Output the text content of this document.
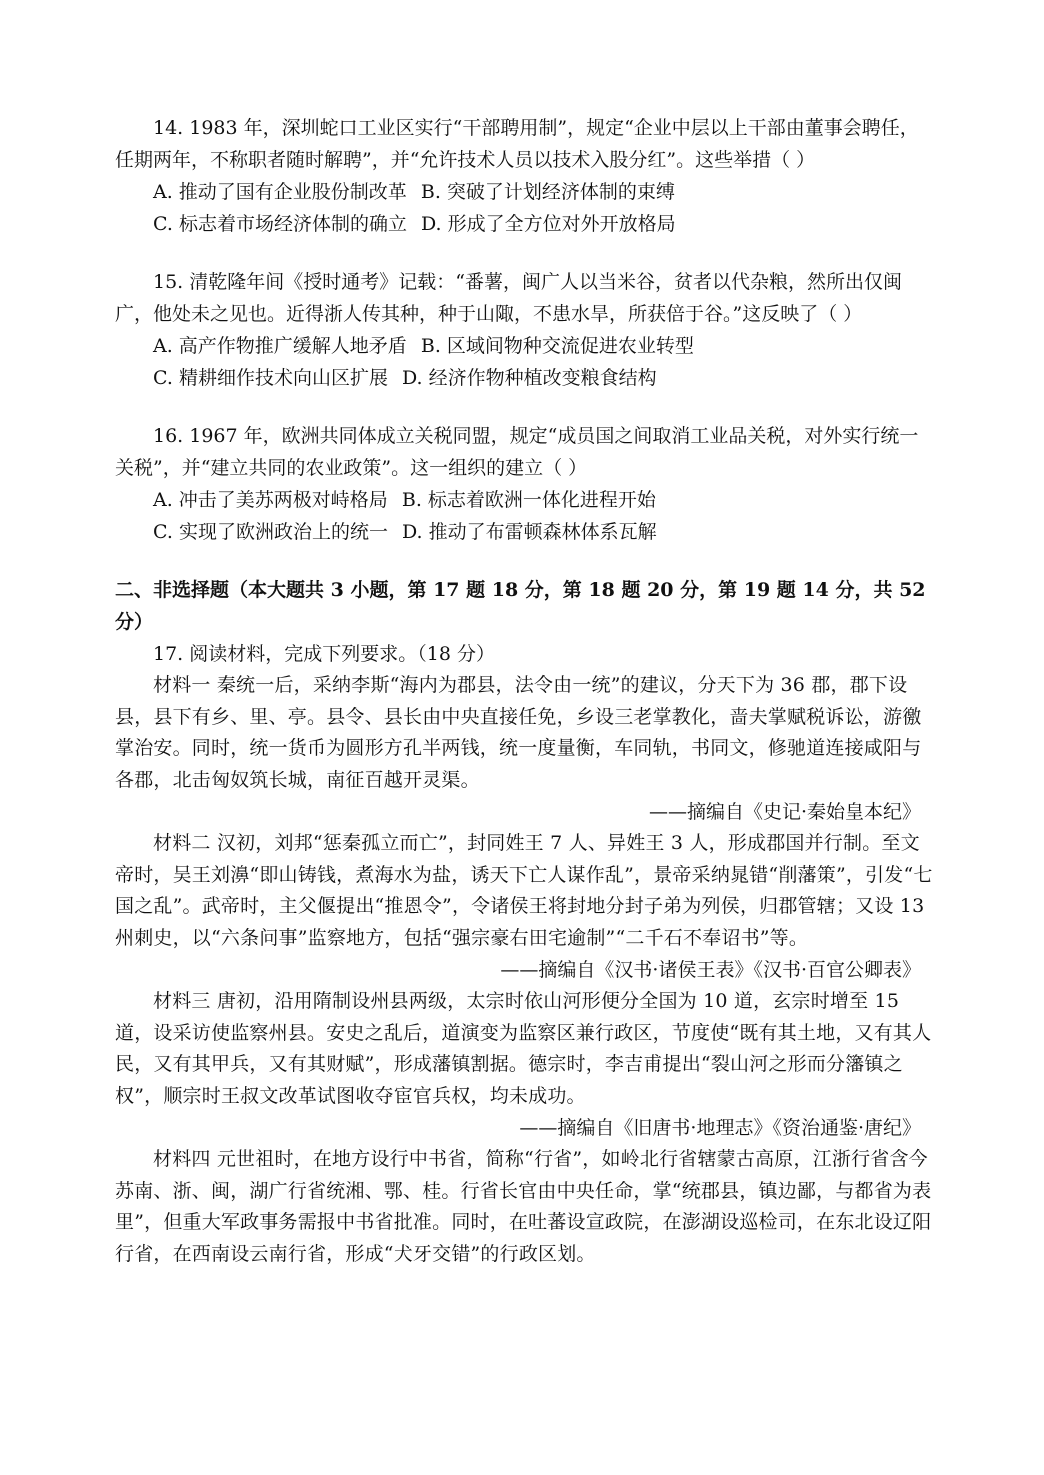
14. 1983 年，深圳蛇口工业区实行“干部聘用制”，规定“企业中层以上干部由董事会聘任，任期两年，不称职者随时解聘”，并“允许技术人员以技术入股分红”。这些举措（ ）

A. 推动了国有企业股份制改革 B. 突破了计划经济体制的束缚
C. 标志着市场经济体制的确立 D. 形成了全方位对外开放格局

15. 清乾隆年间《授时通考》记载：“番薯，闽广人以当米谷，贫者以代杂粮，然所出仅闽广，他处未之见也。近得浙人传其种，种于山陬，不患水旱，所获倍于谷。”这反映了（ ）

A. 高产作物推广缓解人地矛盾 B. 区域间物种交流促进农业转型
C. 精耕细作技术向山区扩展 D. 经济作物种植改变粮食结构

16. 1967 年，欧洲共同体成立关税同盟，规定“成员国之间取消工业品关税，对外实行统一关税”，并“建立共同的农业政策”。这一组织的建立（ ）

A. 冲击了美苏两极对峙格局 B. 标志着欧洲一体化进程开始
C. 实现了欧洲政治上的统一 D. 推动了布雷顿森林体系瓦解

二、非选择题（本大题共 3 小题，第 17 题 18 分，第 18 题 20 分，第 19 题 14 分，共 52 分）

17. 阅读材料，完成下列要求。（18 分）

材料一 秦统一后，采纳李斯“海内为郡县，法令由一统”的建议，分天下为 36 郡，郡下设县，县下有乡、里、亭。县令、县长由中央直接任免，乡设三老掌教化，啬夫掌赋税诉讼，游徼掌治安。同时，统一货币为圆形方孔半两钱，统一度量衡，车同轨，书同文，修驰道连接咸阳与各郡，北击匈奴筑长城，南征百越开灵渠。

——摘编自《史记·秦始皇本纪》

材料二 汉初，刘邦“惩秦孤立而亡”，封同姓王 7 人、异姓王 3 人，形成郡国并行制。至文帝时，吴王刘濞“即山铸钱，煮海水为盐，诱天下亡人谋作乱”，景帝采纳晁错“削藩策”，引发“七国之乱”。武帝时，主父偃提出“推恩令”，令诸侯王将封地分封子弟为列侯，归郡管辖；又设 13 州刺史，以“六条问事”监察地方，包括“强宗豪右田宅逾制”“二千石不奉诏书”等。

——摘编自《汉书·诸侯王表》《汉书·百官公卿表》

材料三 唐初，沿用隋制设州县两级，太宗时依山河形便分全国为 10 道，玄宗时增至 15 道，设采访使监察州县。安史之乱后，道演变为监察区兼行政区，节度使“既有其土地，又有其人民，又有其甲兵，又有其财赋”，形成藩镇割据。德宗时，李吉甫提出“裂山河之形而分籓镇之权”，顺宗时王叔文改革试图收夺宦官兵权，均未成功。

——摘编自《旧唐书·地理志》《资治通鉴·唐纪》

材料四 元世祖时，在地方设行中书省，简称“行省”，如岭北行省辖蒙古高原，江浙行省含今苏南、浙、闽，湖广行省统湘、鄂、桂。行省长官由中央任命，掌“统郡县，镇边鄙，与都省为表里”，但重大军政事务需报中书省批准。同时，在吐蕃设宣政院，在澎湖设巡检司，在东北设辽阳行省，在西南设云南行省，形成“犬牙交错”的行政区划。
